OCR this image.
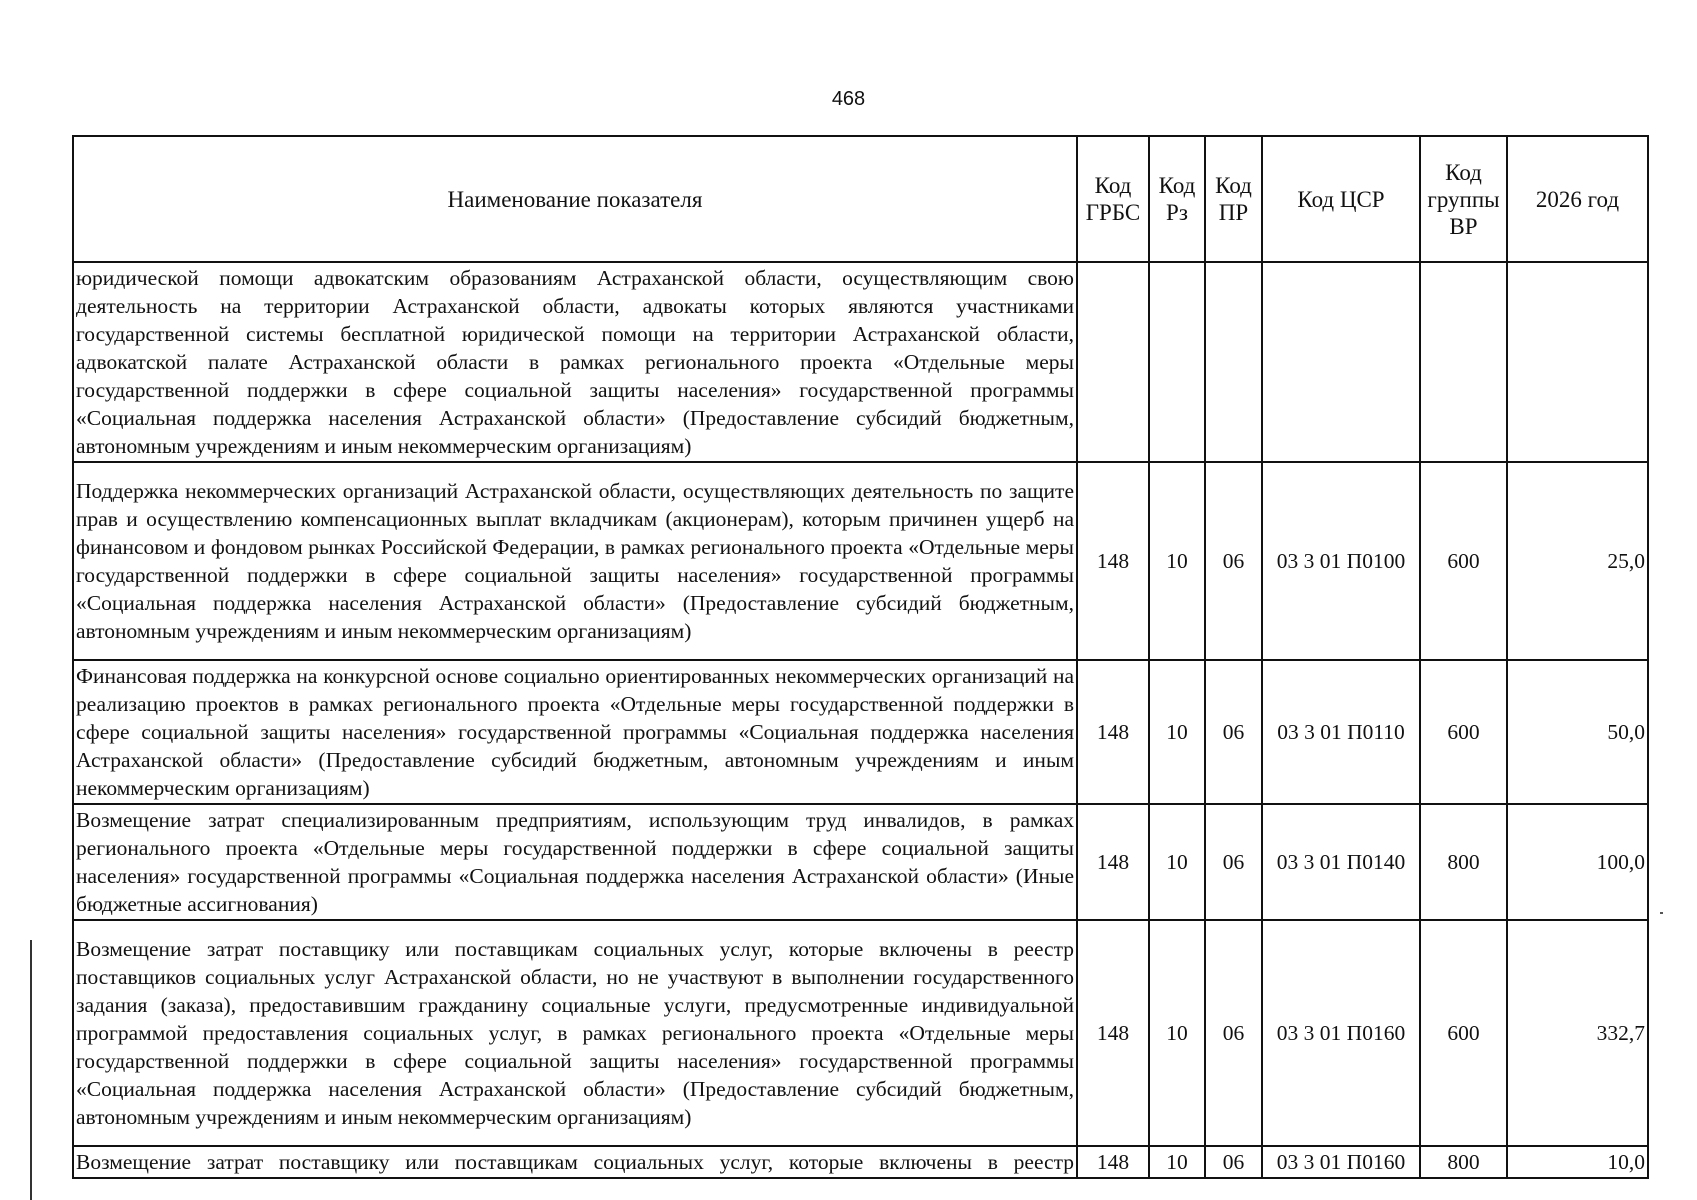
468
Наименование показателя	Код ГРБС	Код Рз	Код ПР	Код ЦСР	Код группы ВР	2026 год
юридической помощи адвокатским образованиям Астраханской области, осуществляющим свою деятельность на территории Астраханской области, адвокаты которых являются участниками государственной системы бесплатной юридической помощи на территории Астраханской области, адвокатской палате Астраханской области в рамках регионального проекта «Отдельные меры государственной поддержки в сфере социальной защиты населения» государственной программы «Социальная поддержка населения Астраханской области» (Предоставление субсидий бюджетным, автономным учреждениям и иным некоммерческим организациям)						
Поддержка некоммерческих организаций Астраханской области, осуществляющих деятельность по защите прав и осуществлению компенсационных выплат вкладчикам (акционерам), которым причинен ущерб на финансовом и фондовом рынках Российской Федерации, в рамках регионального проекта «Отдельные меры государственной поддержки в сфере социальной защиты населения» государственной программы «Социальная поддержка населения Астраханской области» (Предоставление субсидий бюджетным, автономным учреждениям и иным некоммерческим организациям)	148	10	06	03 3 01 П0100	600	25,0
Финансовая поддержка на конкурсной основе социально ориентированных некоммерческих организаций на реализацию проектов в рамках регионального проекта «Отдельные меры государственной поддержки в сфере социальной защиты населения» государственной программы «Социальная поддержка населения Астраханской области» (Предоставление субсидий бюджетным, автономным учреждениям и иным некоммерческим организациям)	148	10	06	03 3 01 П0110	600	50,0
Возмещение затрат специализированным предприятиям, использующим труд инвалидов, в рамках регионального проекта «Отдельные меры государственной поддержки в сфере социальной защиты населения» государственной программы «Социальная поддержка населения Астраханской области» (Иные бюджетные ассигнования)	148	10	06	03 3 01 П0140	800	100,0
Возмещение затрат поставщику или поставщикам социальных услуг, которые включены в реестр поставщиков социальных услуг Астраханской области, но не участвуют в выполнении государственного задания (заказа), предоставившим гражданину социальные услуги, предусмотренные индивидуальной программой предоставления социальных услуг, в рамках регионального проекта «Отдельные меры государственной поддержки в сфере социальной защиты населения» государственной программы «Социальная поддержка населения Астраханской области» (Предоставление субсидий бюджетным, автономным учреждениям и иным некоммерческим организациям)	148	10	06	03 3 01 П0160	600	332,7
Возмещение затрат поставщику или поставщикам социальных услуг, которые включены в реестр	148	10	06	03 3 01 П0160	800	10,0
